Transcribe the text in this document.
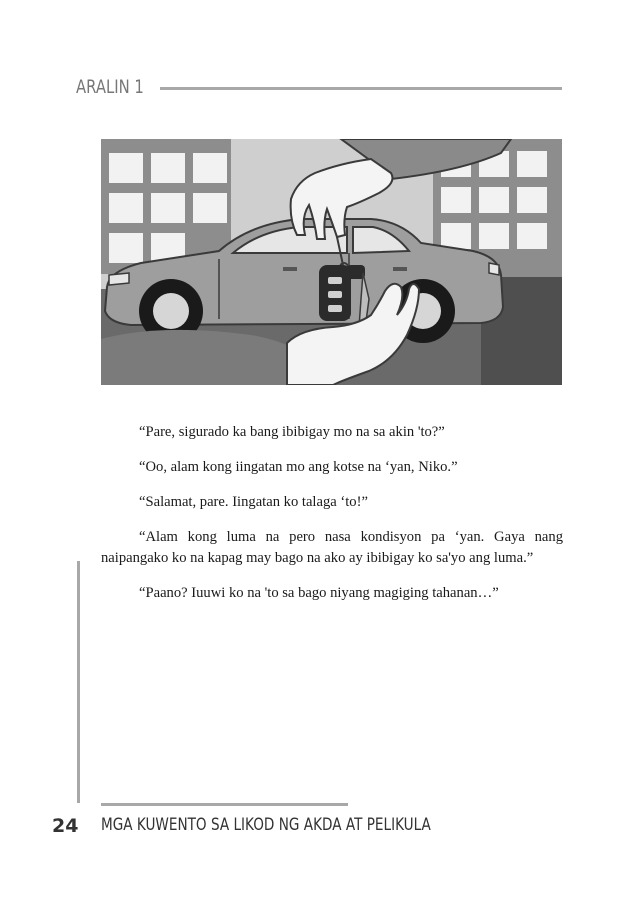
ARALIN 1

“Pare, sigurado ka bang ibibigay mo na sa akin 'to?”

“Oo, alam kong iingatan mo ang kotse na ‘yan, Niko.”

“Salamat, pare. Iingatan ko talaga ‘to!”

“Alam kong luma na pero nasa kondisyon pa ‘yan. Gaya nang naipangako ko na kapag may bago na ako ay ibibigay ko sa'yo ang luma.”

“Paano? Iuuwi ko na 'to sa bago niyang magiging tahanan…”

24 MGA KUWENTO SA LIKOD NG AKDA AT PELIKULA
